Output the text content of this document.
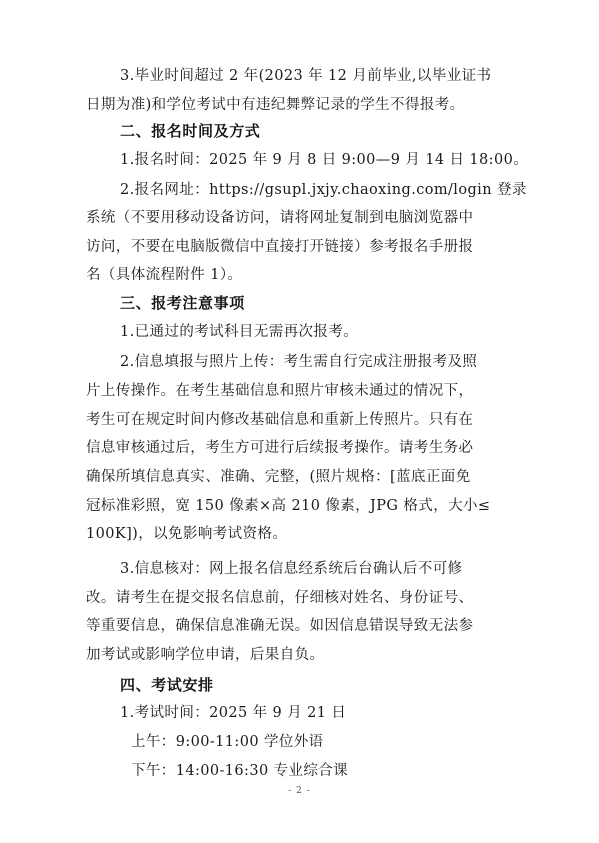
3.毕业时间超过 2 年(2023 年 12 月前毕业,以毕业证书
日期为准)和学位考试中有违纪舞弊记录的学生不得报考。
二、报名时间及方式
1.报名时间：2025 年 9 月 8 日 9:00—9 月 14 日 18:00。
2.报名网址：https://gsupl.jxjy.chaoxing.com/login 登录
系统（不要用移动设备访问，请将网址复制到电脑浏览器中
访问，不要在电脑版微信中直接打开链接）参考报名手册报
名（具体流程附件 1）。
三、报考注意事项
1.已通过的考试科目无需再次报考。
2.信息填报与照片上传：考生需自行完成注册报考及照
片上传操作。在考生基础信息和照片审核未通过的情况下，
考生可在规定时间内修改基础信息和重新上传照片。只有在
信息审核通过后，考生方可进行后续报考操作。请考生务必
确保所填信息真实、准确、完整，(照片规格：[蓝底正面免
冠标准彩照，宽 150 像素×高 210 像素，JPG 格式，大小≤
100K])，以免影响考试资格。
3.信息核对：网上报名信息经系统后台确认后不可修
改。请考生在提交报名信息前，仔细核对姓名、身份证号、
等重要信息，确保信息准确无误。如因信息错误导致无法参
加考试或影响学位申请，后果自负。
四、考试安排
1.考试时间：2025 年 9 月 21 日
上午：9:00-11:00 学位外语
下午：14:00-16:30 专业综合课
- 2 -
